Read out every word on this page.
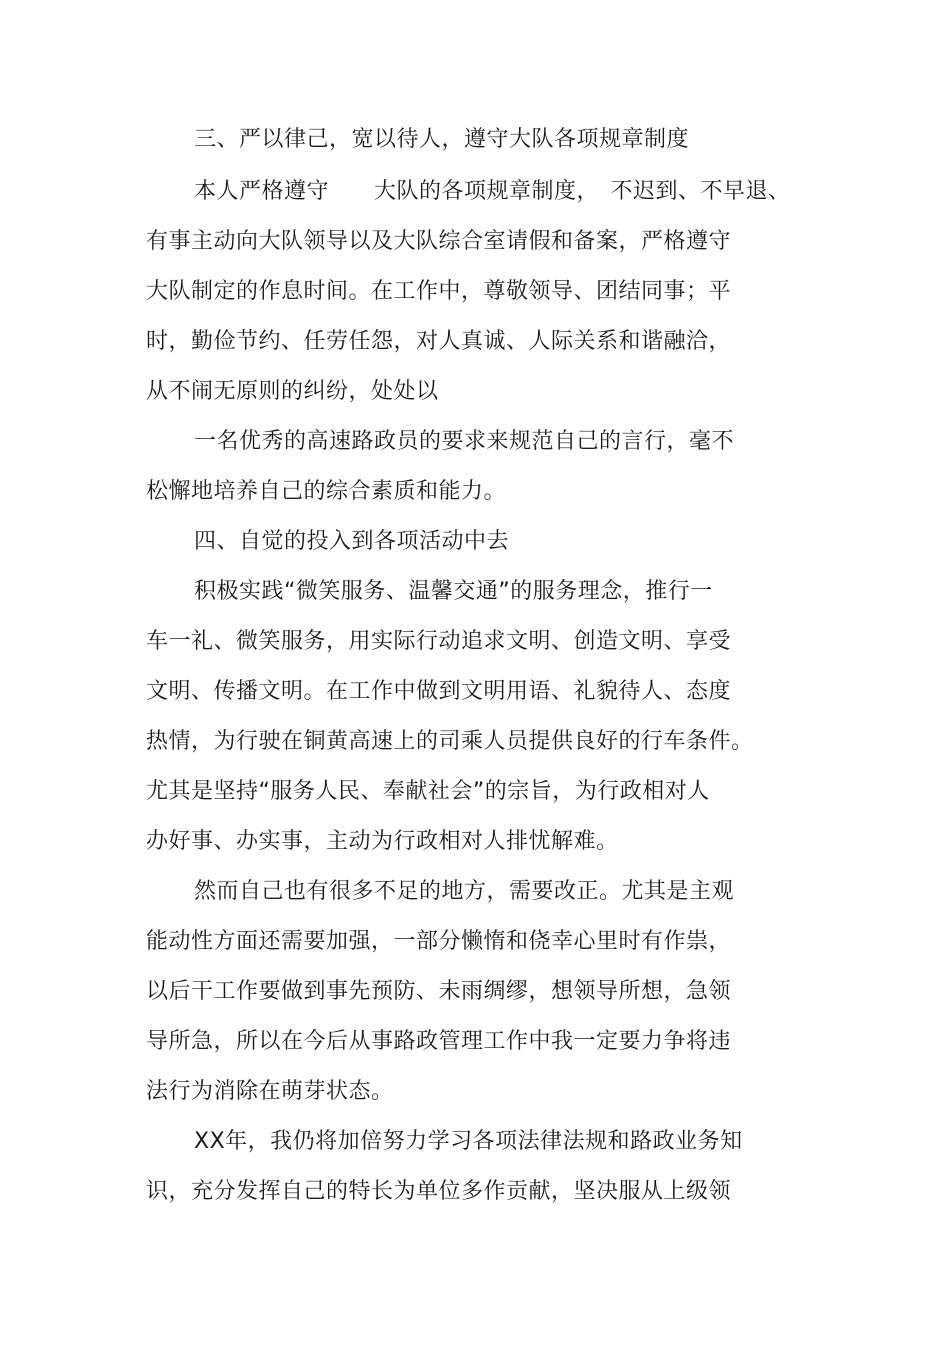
三、严以律己，宽以待人，遵守大队各项规章制度
本人严格遵守　　大队的各项规章制度，　不迟到、不早退、
有事主动向大队领导以及大队综合室请假和备案，严格遵守
大队制定的作息时间。在工作中，尊敬领导、团结同事；平
时，勤俭节约、任劳任怨，对人真诚、人际关系和谐融洽，
从不闹无原则的纠纷，处处以
一名优秀的高速路政员的要求来规范自己的言行，毫不
松懈地培养自己的综合素质和能力。
四、自觉的投入到各项活动中去
积极实践“微笑服务、温馨交通”的服务理念，推行一
车一礼、微笑服务，用实际行动追求文明、创造文明、享受
文明、传播文明。在工作中做到文明用语、礼貌待人、态度
热情，为行驶在铜黄高速上的司乘人员提供良好的行车条件。
尤其是坚持“服务人民、奉献社会”的宗旨，为行政相对人
办好事、办实事，主动为行政相对人排忧解难。
然而自己也有很多不足的地方，需要改正。尤其是主观
能动性方面还需要加强，一部分懒惰和侥幸心里时有作祟，
以后干工作要做到事先预防、未雨绸缪，想领导所想，急领
导所急，所以在今后从事路政管理工作中我一定要力争将违
法行为消除在萌芽状态。
XX年，我仍将加倍努力学习各项法律法规和路政业务知
识，充分发挥自己的特长为单位多作贡献，坚决服从上级领
